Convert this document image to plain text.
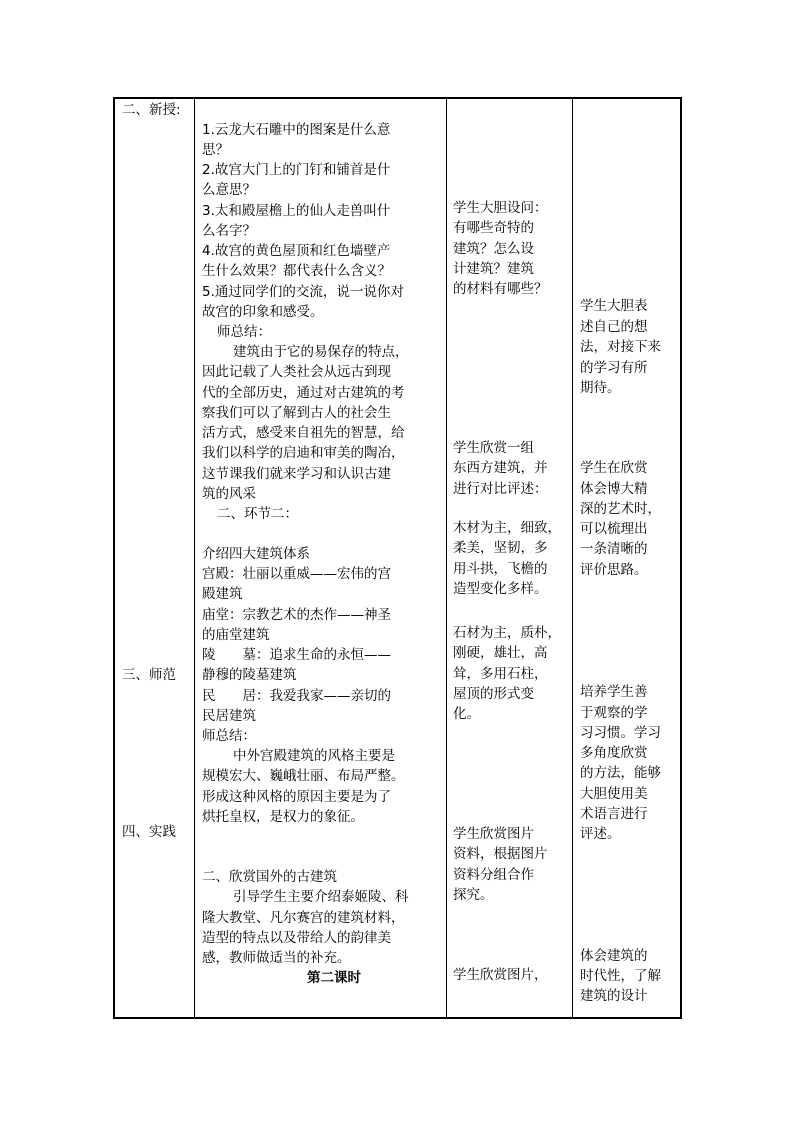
二、新授:
三、师范
四、实践
1.云龙大石雕中的图案是什么意
思？
2.故宫大门上的门钉和铺首是什
么意思？
3.太和殿屋檐上的仙人走兽叫什
么名字？
4.故宫的黄色屋顶和红色墙壁产
生什么效果？都代表什么含义？
5.通过同学们的交流，说一说你对
故宫的印象和感受。
师总结：
建筑由于它的易保存的特点，
因此记载了人类社会从远古到现
代的全部历史，通过对古建筑的考
察我们可以了解到古人的社会生
活方式，感受来自祖先的智慧，给
我们以科学的启迪和审美的陶冶，
这节课我们就来学习和认识古建
筑的风采
二、环节二：
介绍四大建筑体系
宫殿：壮丽以重威——宏伟的宫
殿建筑
庙堂：宗教艺术的杰作——神圣
的庙堂建筑
陵　　墓：追求生命的永恒——
静穆的陵墓建筑
民　　居：我爱我家——亲切的
民居建筑
师总结：
中外宫殿建筑的风格主要是
规模宏大、巍峨壮丽、布局严整。
形成这种风格的原因主要是为了
烘托皇权，是权力的象征。
二、欣赏国外的古建筑
引导学生主要介绍泰姬陵、科
隆大教堂、凡尔赛宫的建筑材料，
造型的特点以及带给人的韵律美
感，教师做适当的补充。
第二课时
学生大胆设问：
有哪些奇特的
建筑？怎么设
计建筑？建筑
的材料有哪些？
学生欣赏一组
东西方建筑，并
进行对比评述：
木材为主，细致，
柔美，坚韧，多
用斗拱，飞檐的
造型变化多样。
石材为主，质朴，
刚硬，雄壮，高
耸，多用石柱，
屋顶的形式变
化。
学生欣赏图片
资料，根据图片
资料分组合作
探究。
学生欣赏图片，
学生大胆表
述自己的想
法，对接下来
的学习有所
期待。
学生在欣赏
体会博大精
深的艺术时，
可以梳理出
一条清晰的
评价思路。
培养学生善
于观察的学
习习惯。学习
多角度欣赏
的方法，能够
大胆使用美
术语言进行
评述。
体会建筑的
时代性，了解
建筑的设计
